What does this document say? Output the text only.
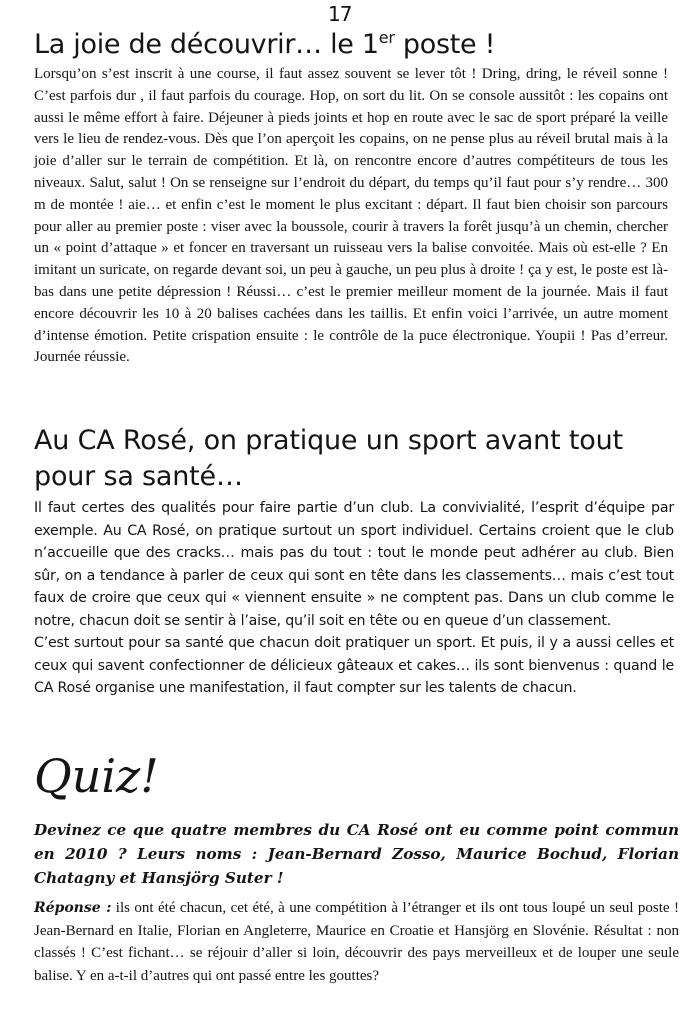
17
La joie de découvrir… le 1er poste !

Lorsqu’on s’est inscrit à une course, il faut assez souvent se lever tôt ! Dring, dring, le réveil sonne ! C’est parfois dur , il faut parfois du courage. Hop, on sort du lit. On se console aussitôt : les copains ont aussi le même effort à faire. Déjeuner à pieds joints et hop en route avec le sac de sport préparé la veille vers le lieu de rendez-vous. Dès que l’on aperçoit les copains, on ne pense plus au réveil brutal mais à la joie d’aller sur le terrain de compétition. Et là, on rencontre encore d’autres compétiteurs de tous les niveaux. Salut, salut ! On se renseigne sur l’endroit du départ, du temps qu’il faut pour s’y rendre… 300 m de montée ! aie… et enfin c’est le moment le plus excitant : départ. Il faut bien choisir son parcours pour aller au premier poste : viser avec la boussole, courir à travers la forêt jusqu’à un chemin, chercher un « point d’attaque » et foncer en traversant un ruisseau vers la balise convoitée. Mais où est-elle ? En imitant un suricate, on regarde devant soi, un peu à gauche, un peu plus à droite ! ça y est, le poste est là-bas dans une petite dépression ! Réussi… c’est le premier meilleur moment de la journée. Mais il faut encore découvrir les 10 à 20 balises cachées dans les taillis. Et enfin voici l’arrivée, un autre moment d’intense émotion. Petite crispation ensuite : le contrôle de la puce électronique. Youpii ! Pas d’erreur. Journée réussie.

Au CA Rosé, on pratique un sport avant tout pour sa santé…

Il faut certes des qualités pour faire partie d’un club. La convivialité, l’esprit d’équipe par exemple. Au CA Rosé, on pratique surtout un sport individuel. Certains croient que le club n’accueille que des cracks… mais pas du tout : tout le monde peut adhérer au club. Bien sûr, on a tendance à parler de ceux qui sont en tête dans les classements… mais c’est tout faux de croire que ceux qui « viennent ensuite » ne comptent pas. Dans un club comme le notre, chacun doit se sentir à l’aise, qu’il soit en tête ou en queue d’un classement.
C’est surtout pour sa santé que chacun doit pratiquer un sport. Et puis, il y a aussi celles et ceux qui savent confectionner de délicieux gâteaux et cakes… ils sont bienvenus : quand le CA Rosé organise une manifestation, il faut compter sur les talents de chacun.

Quiz!

Devinez ce que quatre membres du CA Rosé ont eu comme point commun en 2010 ? Leurs noms : Jean-Bernard Zosso, Maurice Bochud, Florian Chatagny et Hansjörg Suter !

Réponse : ils ont été chacun, cet été, à une compétition à l’étranger et ils ont tous loupé un seul poste ! Jean-Bernard en Italie, Florian en Angleterre, Maurice en Croatie et Hansjörg en Slovénie. Résultat : non classés ! C’est fichant… se réjouir d’aller si loin, découvrir des pays merveilleux et de louper une seule balise. Y en a-t-il d’autres qui ont passé entre les gouttes?
